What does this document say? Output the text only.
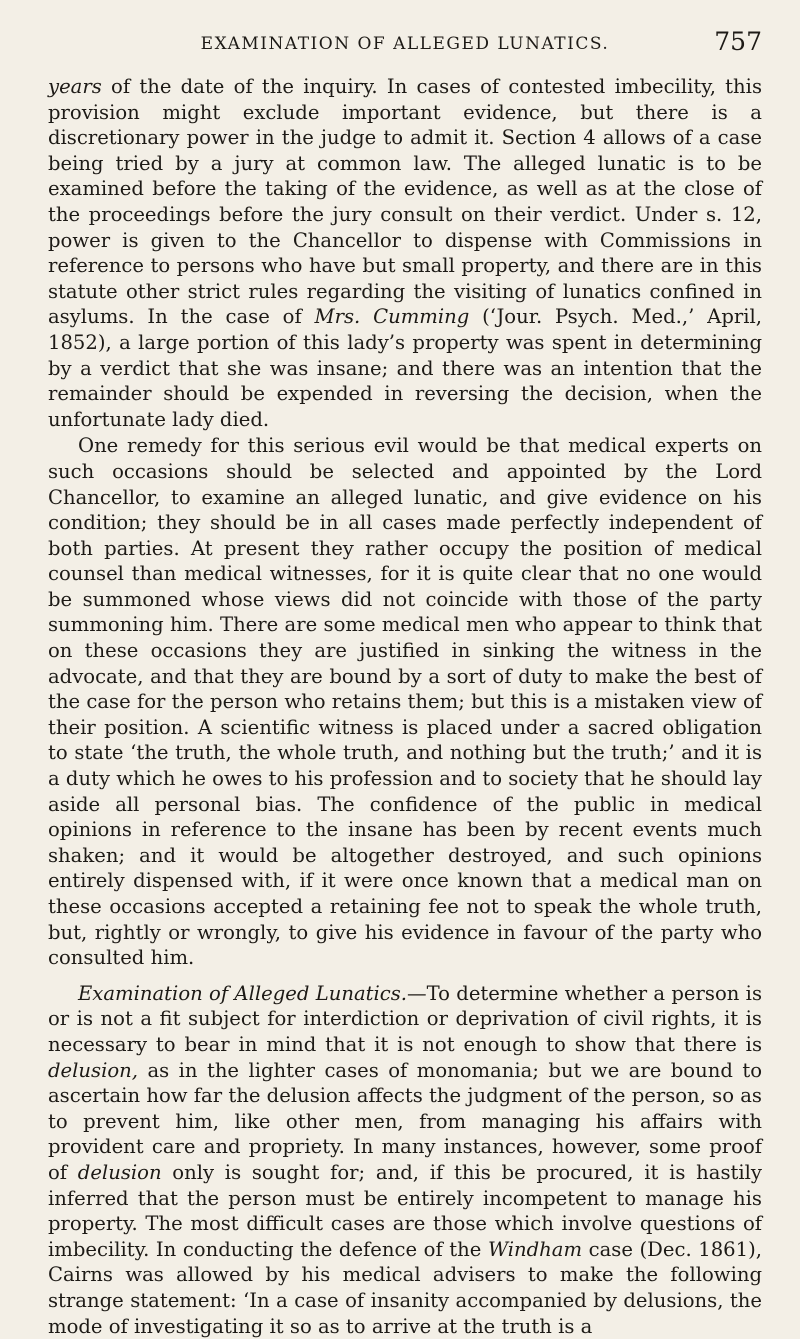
EXAMINATION OF ALLEGED LUNATICS.	757

years of the date of the inquiry. In cases of contested imbecility, this provision might exclude important evidence, but there is a discretionary power in the judge to admit it. Section 4 allows of a case being tried by a jury at common law. The alleged lunatic is to be examined before the taking of the evidence, as well as at the close of the proceedings before the jury consult on their verdict. Under s. 12, power is given to the Chancellor to dispense with Commissions in reference to persons who have but small property, and there are in this statute other strict rules regarding the visiting of lunatics confined in asylums. In the case of Mrs. Cumming (‘Jour. Psych. Med.,’ April, 1852), a large portion of this lady’s property was spent in determining by a verdict that she was insane; and there was an intention that the remainder should be expended in reversing the decision, when the unfortunate lady died.

One remedy for this serious evil would be that medical experts on such occasions should be selected and appointed by the Lord Chancellor, to examine an alleged lunatic, and give evidence on his condition; they should be in all cases made perfectly independent of both parties. At present they rather occupy the position of medical counsel than medical witnesses, for it is quite clear that no one would be summoned whose views did not coincide with those of the party summoning him. There are some medical men who appear to think that on these occasions they are justified in sinking the witness in the advocate, and that they are bound by a sort of duty to make the best of the case for the person who retains them; but this is a mistaken view of their position. A scientific witness is placed under a sacred obligation to state ‘the truth, the whole truth, and nothing but the truth;’ and it is a duty which he owes to his profession and to society that he should lay aside all personal bias. The confidence of the public in medical opinions in reference to the insane has been by recent events much shaken; and it would be altogether destroyed, and such opinions entirely dispensed with, if it were once known that a medical man on these occasions accepted a retaining fee not to speak the whole truth, but, rightly or wrongly, to give his evidence in favour of the party who consulted him.

Examination of Alleged Lunatics.—To determine whether a person is or is not a fit subject for interdiction or deprivation of civil rights, it is necessary to bear in mind that it is not enough to show that there is delusion, as in the lighter cases of monomania; but we are bound to ascertain how far the delusion affects the judgment of the person, so as to prevent him, like other men, from managing his affairs with provident care and propriety. In many instances, however, some proof of delusion only is sought for; and, if this be procured, it is hastily inferred that the person must be entirely incompetent to manage his property. The most difficult cases are those which involve questions of imbecility. In conducting the defence of the Windham case (Dec. 1861), Cairns was allowed by his medical advisers to make the following strange statement: ‘In a case of insanity accompanied by delusions, the mode of investigating it so as to arrive at the truth is a
